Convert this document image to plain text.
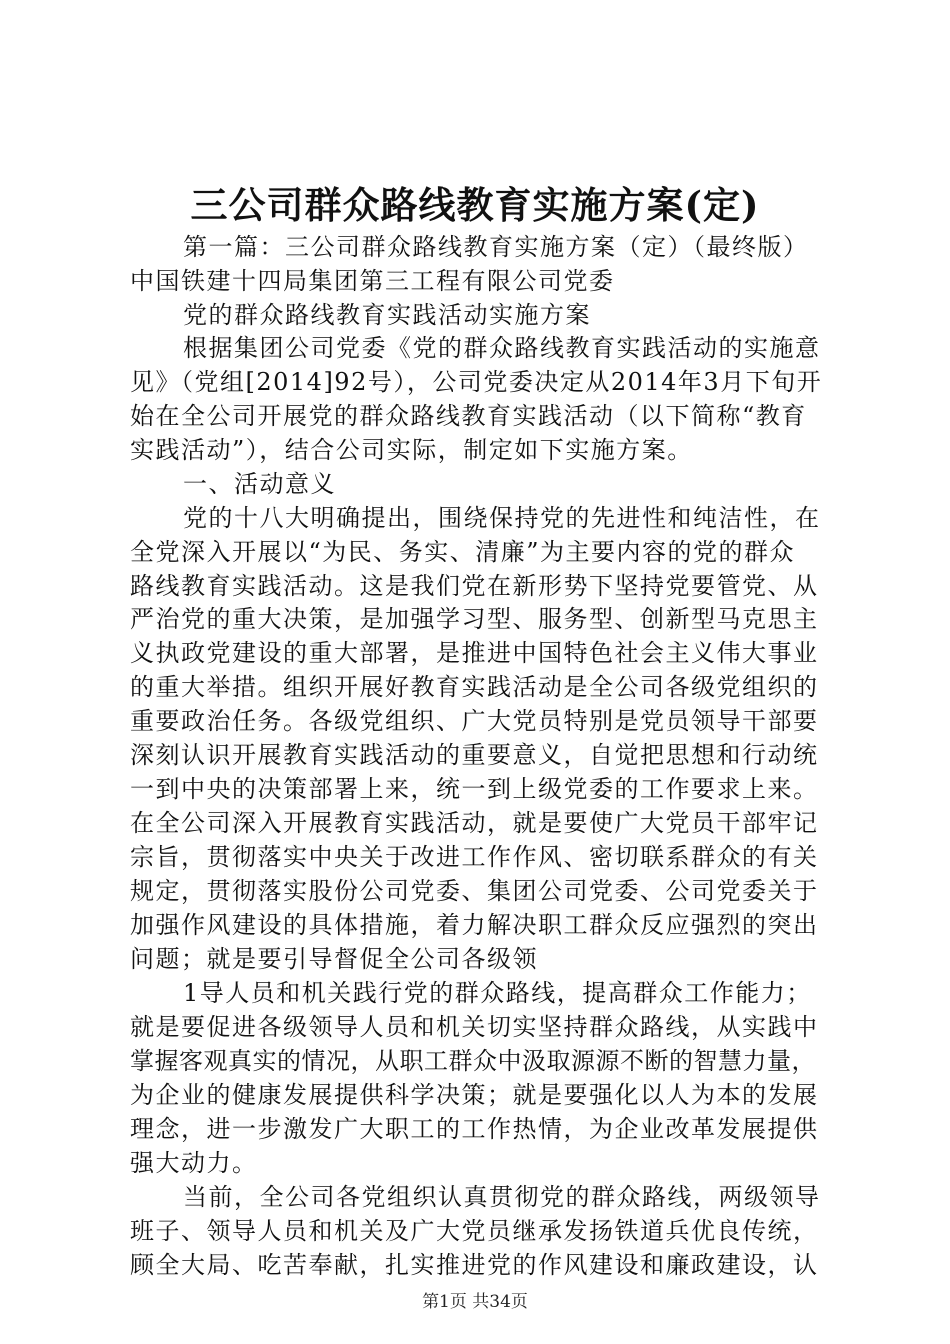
三公司群众路线教育实施方案(定)
第一篇：三公司群众路线教育实施方案（定）（最终版）
中国铁建十四局集团第三工程有限公司党委
党的群众路线教育实践活动实施方案
根据集团公司党委《党的群众路线教育实践活动的实施意
见》（党组[2014]92号），公司党委决定从2014年3月下旬开
始在全公司开展党的群众路线教育实践活动（以下简称“教育
实践活动”），结合公司实际，制定如下实施方案。
一、活动意义
党的十八大明确提出，围绕保持党的先进性和纯洁性，在
全党深入开展以“为民、务实、清廉”为主要内容的党的群众
路线教育实践活动。这是我们党在新形势下坚持党要管党、从
严治党的重大决策，是加强学习型、服务型、创新型马克思主
义执政党建设的重大部署，是推进中国特色社会主义伟大事业
的重大举措。组织开展好教育实践活动是全公司各级党组织的
重要政治任务。各级党组织、广大党员特别是党员领导干部要
深刻认识开展教育实践活动的重要意义，自觉把思想和行动统
一到中央的决策部署上来，统一到上级党委的工作要求上来。
在全公司深入开展教育实践活动，就是要使广大党员干部牢记
宗旨，贯彻落实中央关于改进工作作风、密切联系群众的有关
规定，贯彻落实股份公司党委、集团公司党委、公司党委关于
加强作风建设的具体措施，着力解决职工群众反应强烈的突出
问题；就是要引导督促全公司各级领
1导人员和机关践行党的群众路线，提高群众工作能力；
就是要促进各级领导人员和机关切实坚持群众路线，从实践中
掌握客观真实的情况，从职工群众中汲取源源不断的智慧力量，
为企业的健康发展提供科学决策；就是要强化以人为本的发展
理念，进一步激发广大职工的工作热情，为企业改革发展提供
强大动力。
当前，全公司各党组织认真贯彻党的群众路线，两级领导
班子、领导人员和机关及广大党员继承发扬铁道兵优良传统，
顾全大局、吃苦奉献，扎实推进党的作风建设和廉政建设，认
第1页 共34页
